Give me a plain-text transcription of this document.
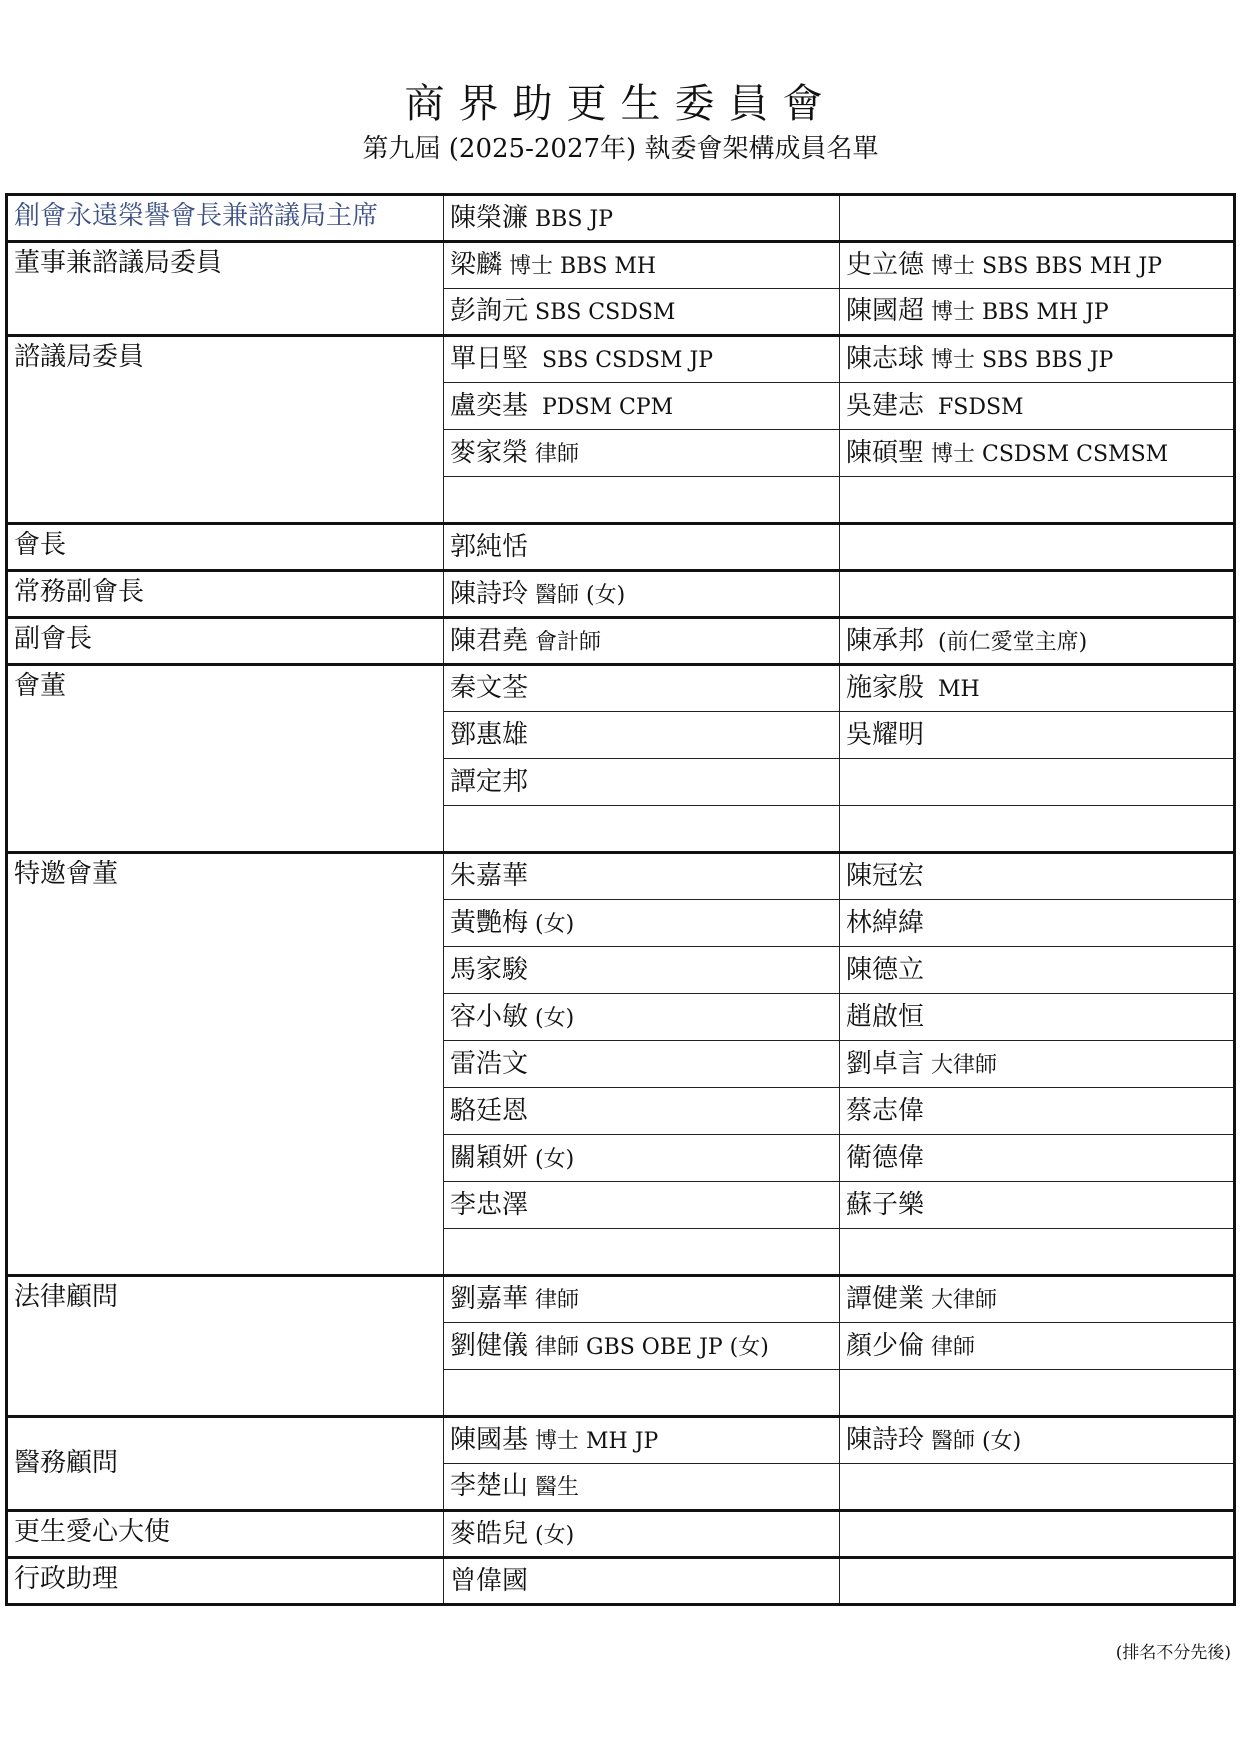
商界助更生委員會
第九屆 (2025-2027年) 執委會架構成員名單
創會永遠榮譽會長兼諮議局主席	陳榮濂 BBS JP	
董事兼諮議局委員	梁麟 博士 BBS MH	史立德 博士 SBS BBS MH JP
	彭詢元 SBS CSDSM	陳國超 博士 BBS MH JP
諮議局委員	單日堅  SBS CSDSM JP	陳志球 博士 SBS BBS JP
	盧奕基  PDSM CPM	吳建志  FSDSM
	麥家榮 律師	陳碩聖 博士 CSDSM CSMSM

會長	郭純恬	
常務副會長	陳詩玲 醫師 (女)	
副會長	陳君堯 會計師	陳承邦  (前仁愛堂主席)
會董	秦文荃	施家殷  MH
	鄧惠雄	吳耀明
	譚定邦	

特邀會董	朱嘉華	陳冠宏
	黃艷梅 (女)	林綽緯
	馬家駿	陳德立
	容小敏 (女)	趙啟恒
	雷浩文	劉卓言 大律師
	駱廷恩	蔡志偉
	關穎妍 (女)	衛德偉
	李忠澤	蘇子樂

法律顧問	劉嘉華 律師	譚健業 大律師
	劉健儀 律師 GBS OBE JP (女)	顏少倫 律師

醫務顧問	陳國基 博士 MH JP	陳詩玲 醫師 (女)
	李楚山 醫生	
更生愛心大使	麥皓兒 (女)	
行政助理	曾偉國	
(排名不分先後)
